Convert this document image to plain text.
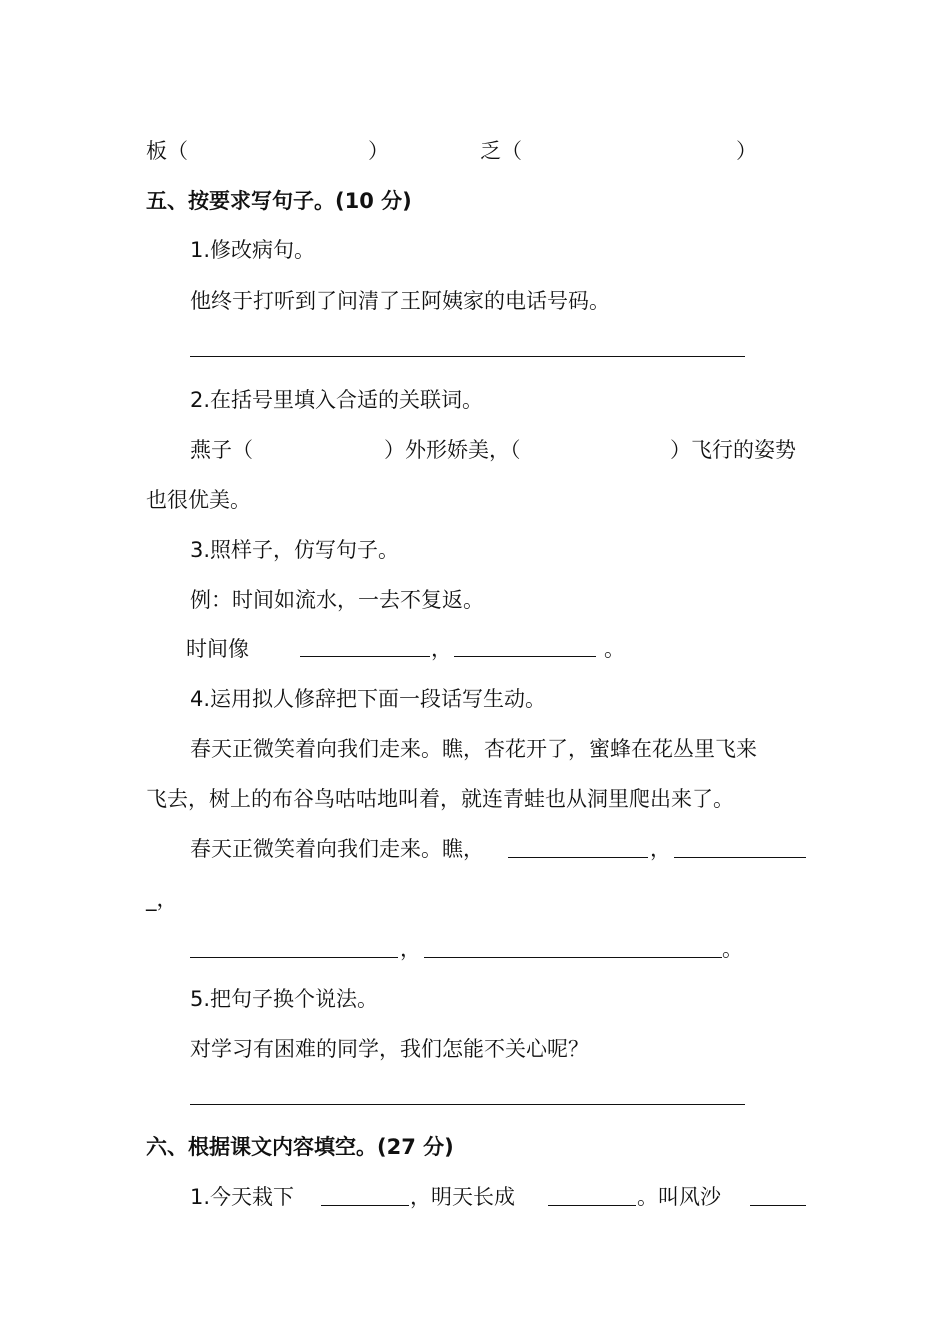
板（	）	乏（	）
五、按要求写句子。(10 分)
1.修改病句。
他终于打听到了问清了王阿姨家的电话号码。
2.在括号里填入合适的关联词。
燕子（	）外形娇美，（	）飞行的姿势
也很优美。
3.照样子，仿写句子。
例：时间如流水，一去不复返。
时间像	，	。
4.运用拟人修辞把下面一段话写生动。
春天正微笑着向我们走来。瞧，杏花开了，蜜蜂在花丛里飞来
飞去，树上的布谷鸟咕咕地叫着，就连青蛙也从洞里爬出来了。
春天正微笑着向我们走来。瞧，	，
_，
，	。
5.把句子换个说法。
对学习有困难的同学，我们怎能不关心呢？
六、根据课文内容填空。(27 分)
1.今天栽下	，明天长成	。叫风沙
